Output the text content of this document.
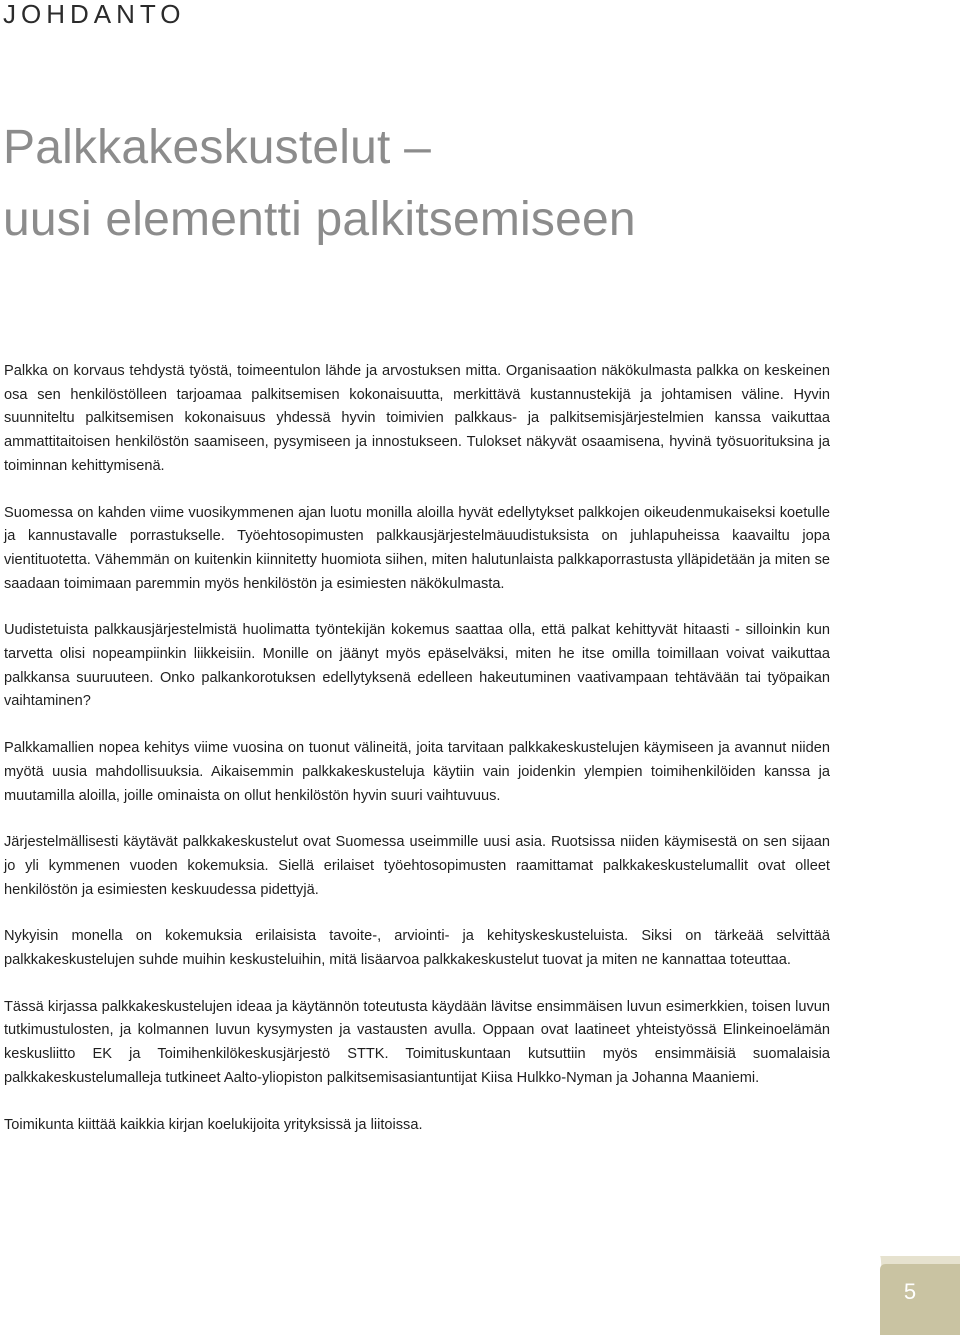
JOHDANTO
Palkkakeskustelut –
uusi elementti palkitsemiseen

Palkka on korvaus tehdystä työstä, toimeentulon lähde ja arvostuksen mitta. Organisaation näkökulmasta palkka on keskeinen osa sen henkilöstölleen tarjoamaa palkitsemisen kokonaisuutta, merkittävä kustannustekijä ja johtamisen väline. Hyvin suunniteltu palkitsemisen kokonaisuus yhdessä hyvin toimivien palkkaus- ja palkitsemisjärjestelmien kanssa vaikuttaa ammattitaitoisen henkilöstön saamiseen, pysymiseen ja innostukseen. Tulokset näkyvät osaamisena, hyvinä työsuorituksina ja toiminnan kehittymisenä.

Suomessa on kahden viime vuosikymmenen ajan luotu monilla aloilla hyvät edellytykset palkkojen oikeudenmukaiseksi koetulle ja kannustavalle porrastukselle. Työehtosopimusten palkkausjärjestelmäuudistuksista on juhlapuheissa kaavailtu jopa vientituotetta. Vähemmän on kuitenkin kiinnitetty huomiota siihen, miten halutunlaista palkkaporrastusta ylläpidetään ja miten se saadaan toimimaan paremmin myös henkilöstön ja esimiesten näkökulmasta.

Uudistetuista palkkausjärjestelmistä huolimatta työntekijän kokemus saattaa olla, että palkat kehittyvät hitaasti - silloinkin kun tarvetta olisi nopeampiinkin liikkeisiin. Monille on jäänyt myös epäselväksi, miten he itse omilla toimillaan voivat vaikuttaa palkkansa suuruuteen. Onko palkankorotuksen edellytyksenä edelleen hakeutuminen vaativampaan tehtävään tai työpaikan vaihtaminen?

Palkkamallien nopea kehitys viime vuosina on tuonut välineitä, joita tarvitaan palkkakeskustelujen käymiseen ja avannut niiden myötä uusia mahdollisuuksia. Aikaisemmin palkkakeskusteluja käytiin vain joidenkin ylempien toimihenkilöiden kanssa ja muutamilla aloilla, joille ominaista on ollut henkilöstön hyvin suuri vaihtuvuus.

Järjestelmällisesti käytävät palkkakeskustelut ovat Suomessa useimmille uusi asia. Ruotsissa niiden käymisestä on sen sijaan jo yli kymmenen vuoden kokemuksia. Siellä erilaiset työehtosopimusten raamittamat palkkakeskustelumallit ovat olleet henkilöstön ja esimiesten keskuudessa pidettyjä.

Nykyisin monella on kokemuksia erilaisista tavoite-, arviointi- ja kehityskeskusteluista. Siksi on tärkeää selvittää palkkakeskustelujen suhde muihin keskusteluihin, mitä lisäarvoa palkkakeskustelut tuovat ja miten ne kannattaa toteuttaa.

Tässä kirjassa palkkakeskustelujen ideaa ja käytännön toteutusta käydään lävitse ensimmäisen luvun esimerkkien, toisen luvun tutkimustulosten, ja kolmannen luvun kysymysten ja vastausten avulla. Oppaan ovat laatineet yhteistyössä Elinkeinoelämän keskusliitto EK ja Toimihenkilökeskusjärjestö STTK. Toimituskuntaan kutsuttiin myös ensimmäisiä suomalaisia palkkakeskustelumalleja tutkineet Aalto-yliopiston palkitsemisasiantuntijat Kiisa Hulkko-Nyman ja Johanna Maaniemi.

Toimikunta kiittää kaikkia kirjan koelukijoita yrityksissä ja liitoissa.

5
